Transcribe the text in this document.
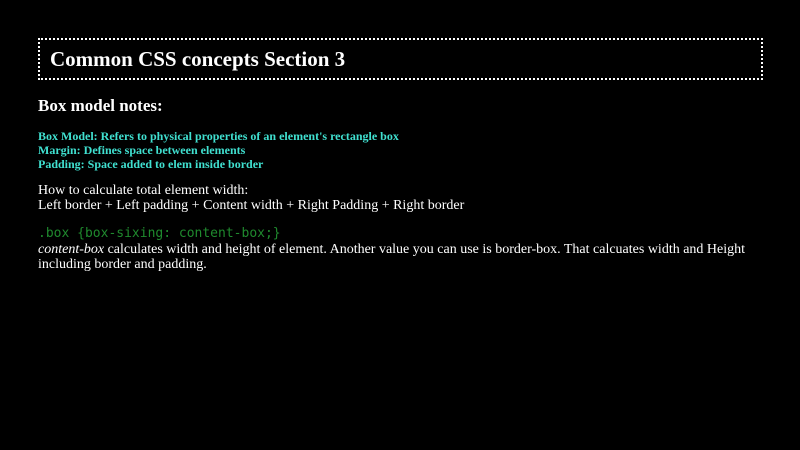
Common CSS concepts Section 3
Box model notes:
Box Model: Refers to physical properties of an element's rectangle box
Margin: Defines space between elements
Padding: Space added to elem inside border
How to calculate total element width:
Left border + Left padding + Content width + Right Padding + Right border
.box {box-sixing: content-box;}

content-box calculates width and height of element. Another value you can use is border-box. That calcuates width and Height including border and padding.
